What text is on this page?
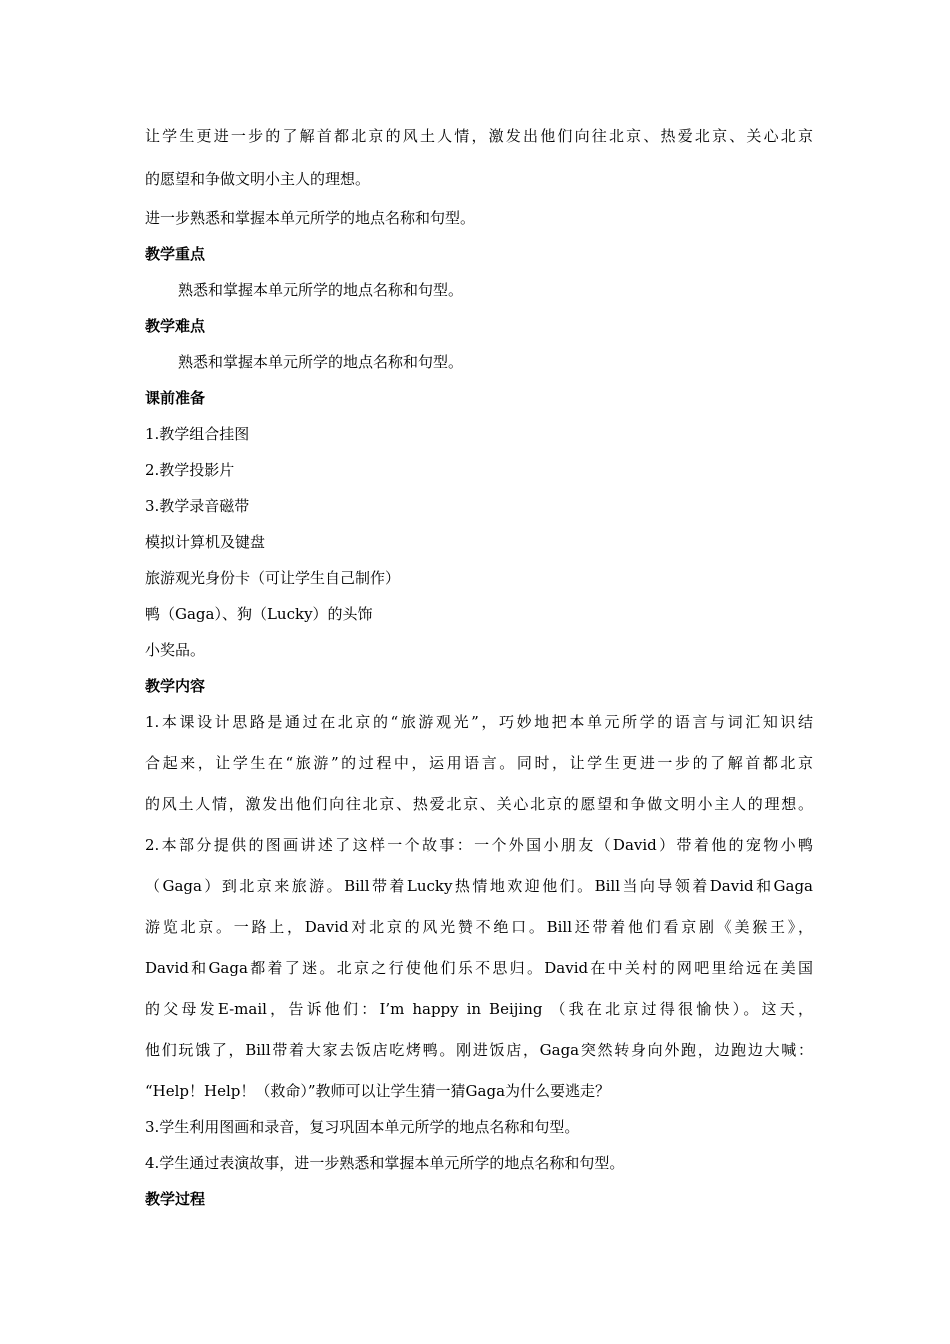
让学生更进一步的了解首都北京的风土人情，激发出他们向往北京、热爱北京、关心北京

的愿望和争做文明小主人的理想。

进一步熟悉和掌握本单元所学的地点名称和句型。

教学重点

熟悉和掌握本单元所学的地点名称和句型。

教学难点

熟悉和掌握本单元所学的地点名称和句型。

课前准备

1.教学组合挂图

2.教学投影片

3.教学录音磁带

模拟计算机及键盘

旅游观光身份卡（可让学生自己制作）

鸭（Gaga）、狗（Lucky）的头饰

小奖品。

教学内容

1.本课设计思路是通过在北京的“旅游观光”，巧妙地把本单元所学的语言与词汇知识结

合起来，让学生在“旅游”的过程中，运用语言。同时，让学生更进一步的了解首都北京

的风土人情，激发出他们向往北京、热爱北京、关心北京的愿望和争做文明小主人的理想。

2.本部分提供的图画讲述了这样一个故事：一个外国小朋友（David）带着他的宠物小鸭

（Gaga）到北京来旅游。Bill带着Lucky热情地欢迎他们。Bill当向导领着David和Gaga

游览北京。一路上，David对北京的风光赞不绝口。Bill还带着他们看京剧《美猴王》，

David和Gaga都着了迷。北京之行使他们乐不思归。David在中关村的网吧里给远在美国

的父母发E-mail，告诉他们：I’m happy in Beijing （我在北京过得很愉快）。这天，

他们玩饿了，Bill带着大家去饭店吃烤鸭。刚进饭店，Gaga突然转身向外跑，边跑边大喊：

“Help！Help！（救命）”教师可以让学生猜一猜Gaga为什么要逃走？

3.学生利用图画和录音，复习巩固本单元所学的地点名称和句型。

4.学生通过表演故事，进一步熟悉和掌握本单元所学的地点名称和句型。

教学过程
